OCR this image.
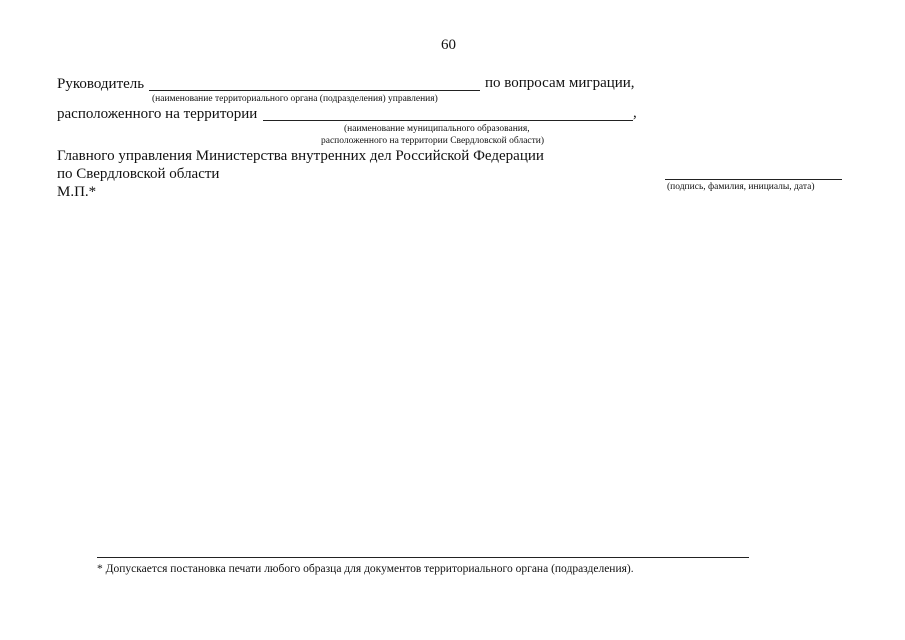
60
Руководитель	по вопросам миграции,
(наименование территориального органа (подразделения) управления)
расположенного на территории	,
(наименование муниципального образования,
расположенного на территории Свердловской области)
Главного управления Министерства внутренних дел Российской Федерации
по Свердловской области
М.П.*	(подпись, фамилия, инициалы, дата)
* Допускается постановка печати любого образца для документов территориального органа (подразделения).
